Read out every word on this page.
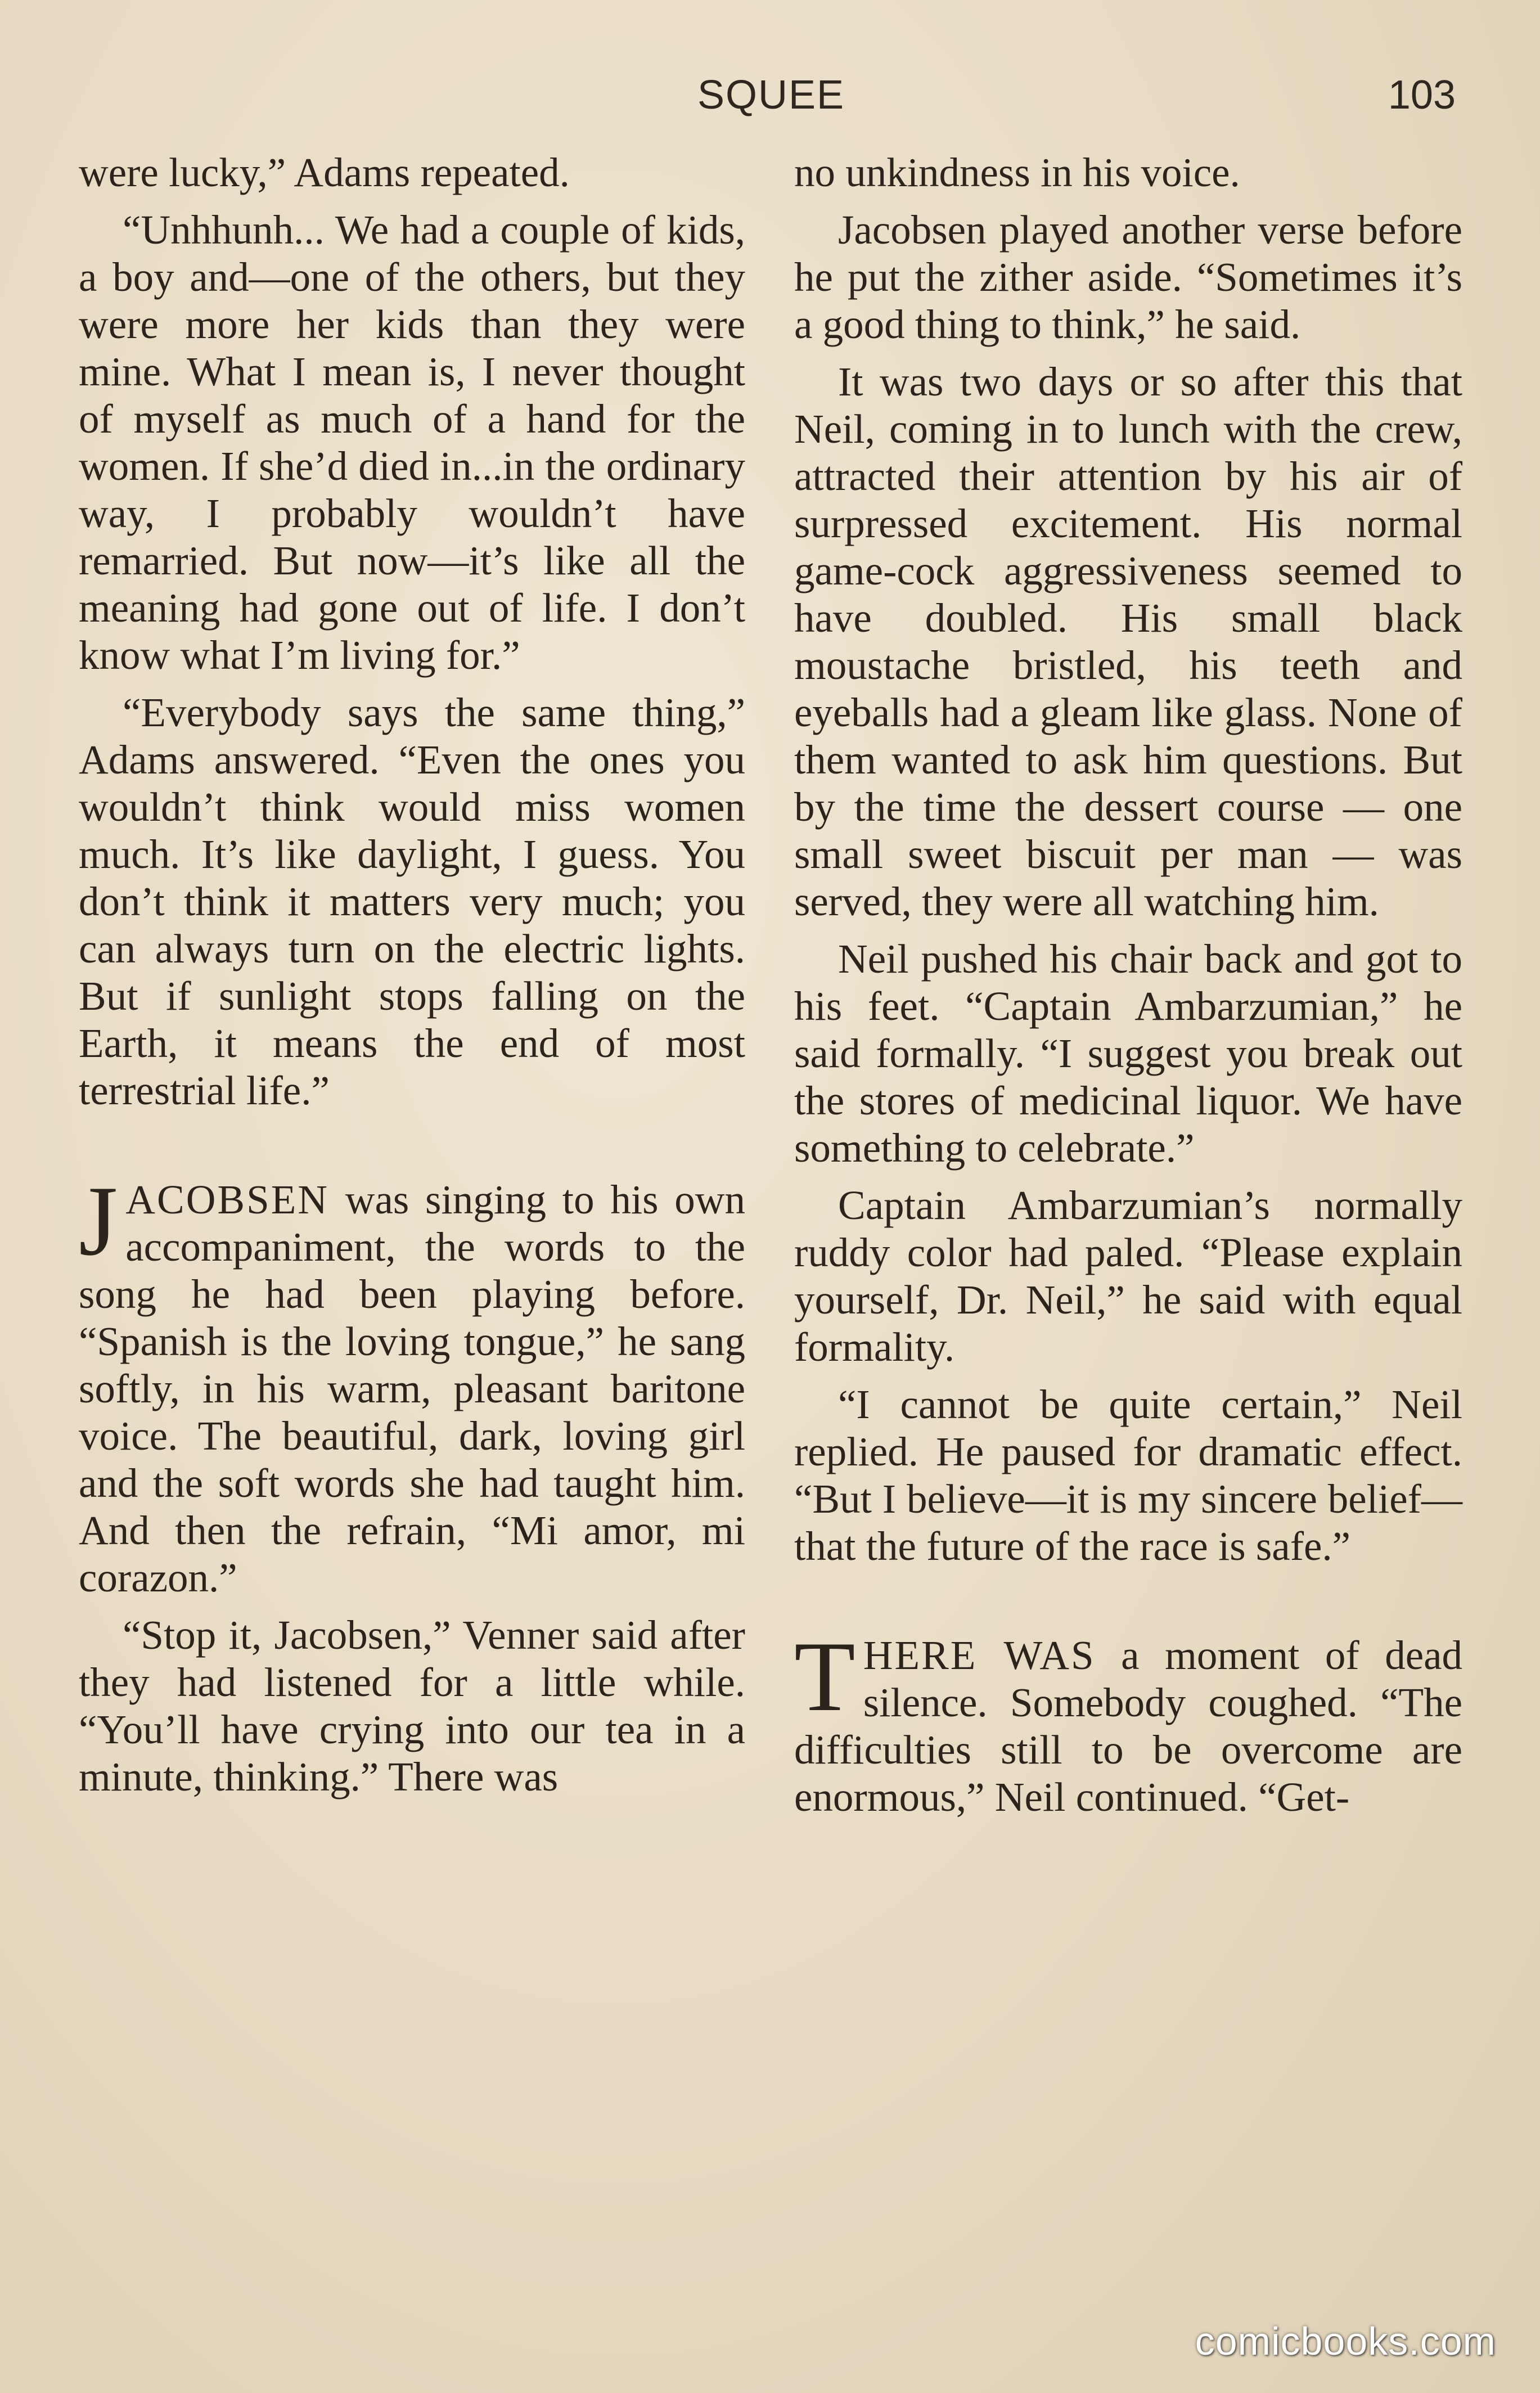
SQUEE	103

were lucky,” Adams repeated.

“Unhhunh... We had a couple of kids, a boy and—one of the others, but they were more her kids than they were mine. What I mean is, I never thought of myself as much of a hand for the women. If she’d died in...in the ordinary way, I probably wouldn’t have remarried. But now—it’s like all the meaning had gone out of life. I don’t know what I’m living for.”

“Everybody says the same thing,” Adams answered. “Even the ones you wouldn’t think would miss women much. It’s like daylight, I guess. You don’t think it matters very much; you can always turn on the electric lights. But if sunlight stops falling on the Earth, it means the end of most terrestrial life.”

JACOBSEN was singing to his own accompaniment, the words to the song he had been playing before. “Spanish is the loving tongue,” he sang softly, in his warm, pleasant baritone voice. The beautiful, dark, loving girl and the soft words she had taught him. And then the refrain, “Mi amor, mi corazon.”

“Stop it, Jacobsen,” Venner said after they had listened for a little while. “You’ll have crying into our tea in a minute, thinking.” There was

no unkindness in his voice.

Jacobsen played another verse before he put the zither aside. “Sometimes it’s a good thing to think,” he said.

It was two days or so after this that Neil, coming in to lunch with the crew, attracted their attention by his air of surpressed excitement. His normal game-cock aggressiveness seemed to have doubled. His small black moustache bristled, his teeth and eyeballs had a gleam like glass. None of them wanted to ask him questions. But by the time the dessert course — one small sweet biscuit per man — was served, they were all watching him.

Neil pushed his chair back and got to his feet. “Captain Ambarzumian,” he said formally. “I suggest you break out the stores of medicinal liquor. We have something to celebrate.”

Captain Ambarzumian’s normally ruddy color had paled. “Please explain yourself, Dr. Neil,” he said with equal formality.

“I cannot be quite certain,” Neil replied. He paused for dramatic effect. “But I believe—it is my sincere belief—that the future of the race is safe.”

THERE WAS a moment of dead silence. Somebody coughed. “The difficulties still to be overcome are enormous,” Neil continued. “Get-

comicbooks.com
